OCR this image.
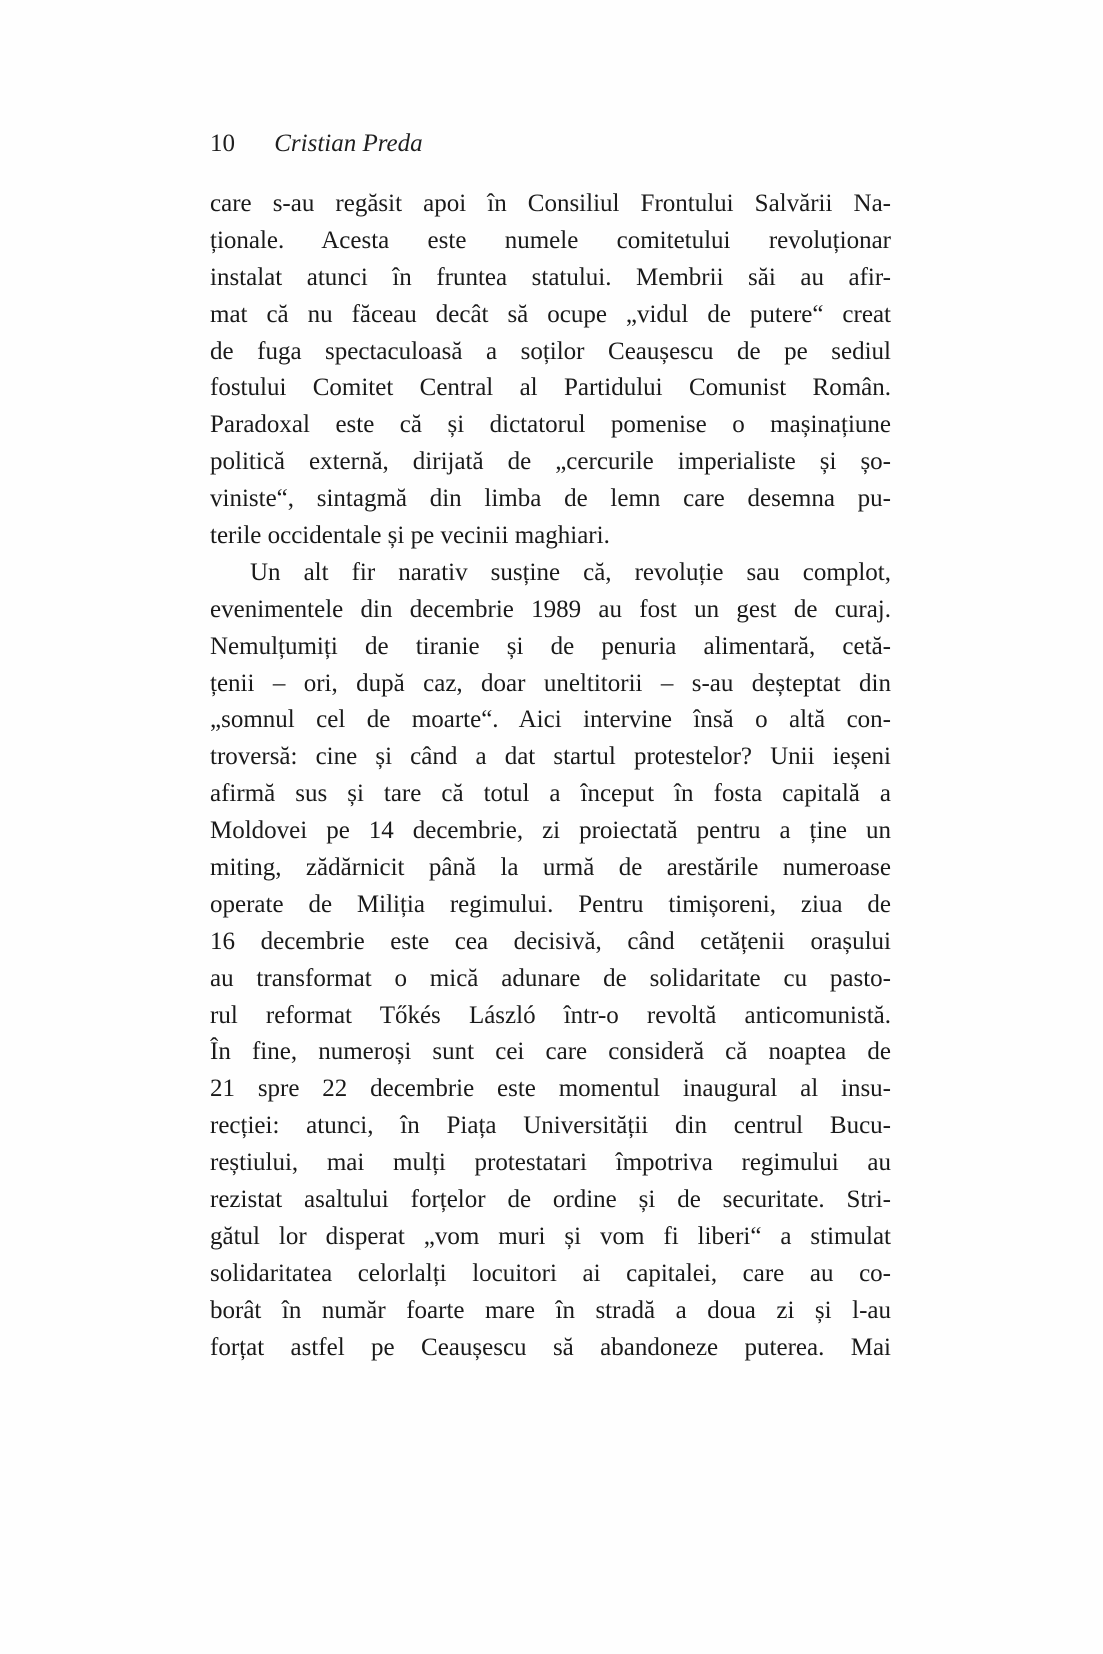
10 Cristian Preda
care s-au regăsit apoi în Consiliul Frontului Salvării Na-
ționale. Acesta este numele comitetului revoluționar
instalat atunci în fruntea statului. Membrii săi au afir-
mat că nu făceau decât să ocupe „vidul de putere“ creat
de fuga spectaculoasă a soților Ceaușescu de pe sediul
fostului Comitet Central al Partidului Comunist Român.
Paradoxal este că și dictatorul pomenise o mașinațiune
politică externă, dirijată de „cercurile imperialiste și șo-
viniste“, sintagmă din limba de lemn care desemna pu-
terile occidentale și pe vecinii maghiari.
Un alt fir narativ susține că, revoluție sau complot,
evenimentele din decembrie 1989 au fost un gest de curaj.
Nemulțumiți de tiranie și de penuria alimentară, cetă-
țenii – ori, după caz, doar uneltitorii – s-au deșteptat din
„somnul cel de moarte“. Aici intervine însă o altă con-
troversă: cine și când a dat startul protestelor? Unii ieșeni
afirmă sus și tare că totul a început în fosta capitală a
Moldovei pe 14 decembrie, zi proiectată pentru a ține un
miting, zădărnicit până la urmă de arestările numeroase
operate de Miliția regimului. Pentru timișoreni, ziua de
16 decembrie este cea decisivă, când cetățenii orașului
au transformat o mică adunare de solidaritate cu pasto-
rul reformat Tőkés László într-o revoltă anticomunistă.
În fine, numeroși sunt cei care consideră că noaptea de
21 spre 22 decembrie este momentul inaugural al insu-
recției: atunci, în Piața Universității din centrul Bucu-
reștiului, mai mulți protestatari împotriva regimului au
rezistat asaltului forțelor de ordine și de securitate. Stri-
gătul lor disperat „vom muri și vom fi liberi“ a stimulat
solidaritatea celorlalți locuitori ai capitalei, care au co-
borât în număr foarte mare în stradă a doua zi și l-au
forțat astfel pe Ceaușescu să abandoneze puterea. Mai
